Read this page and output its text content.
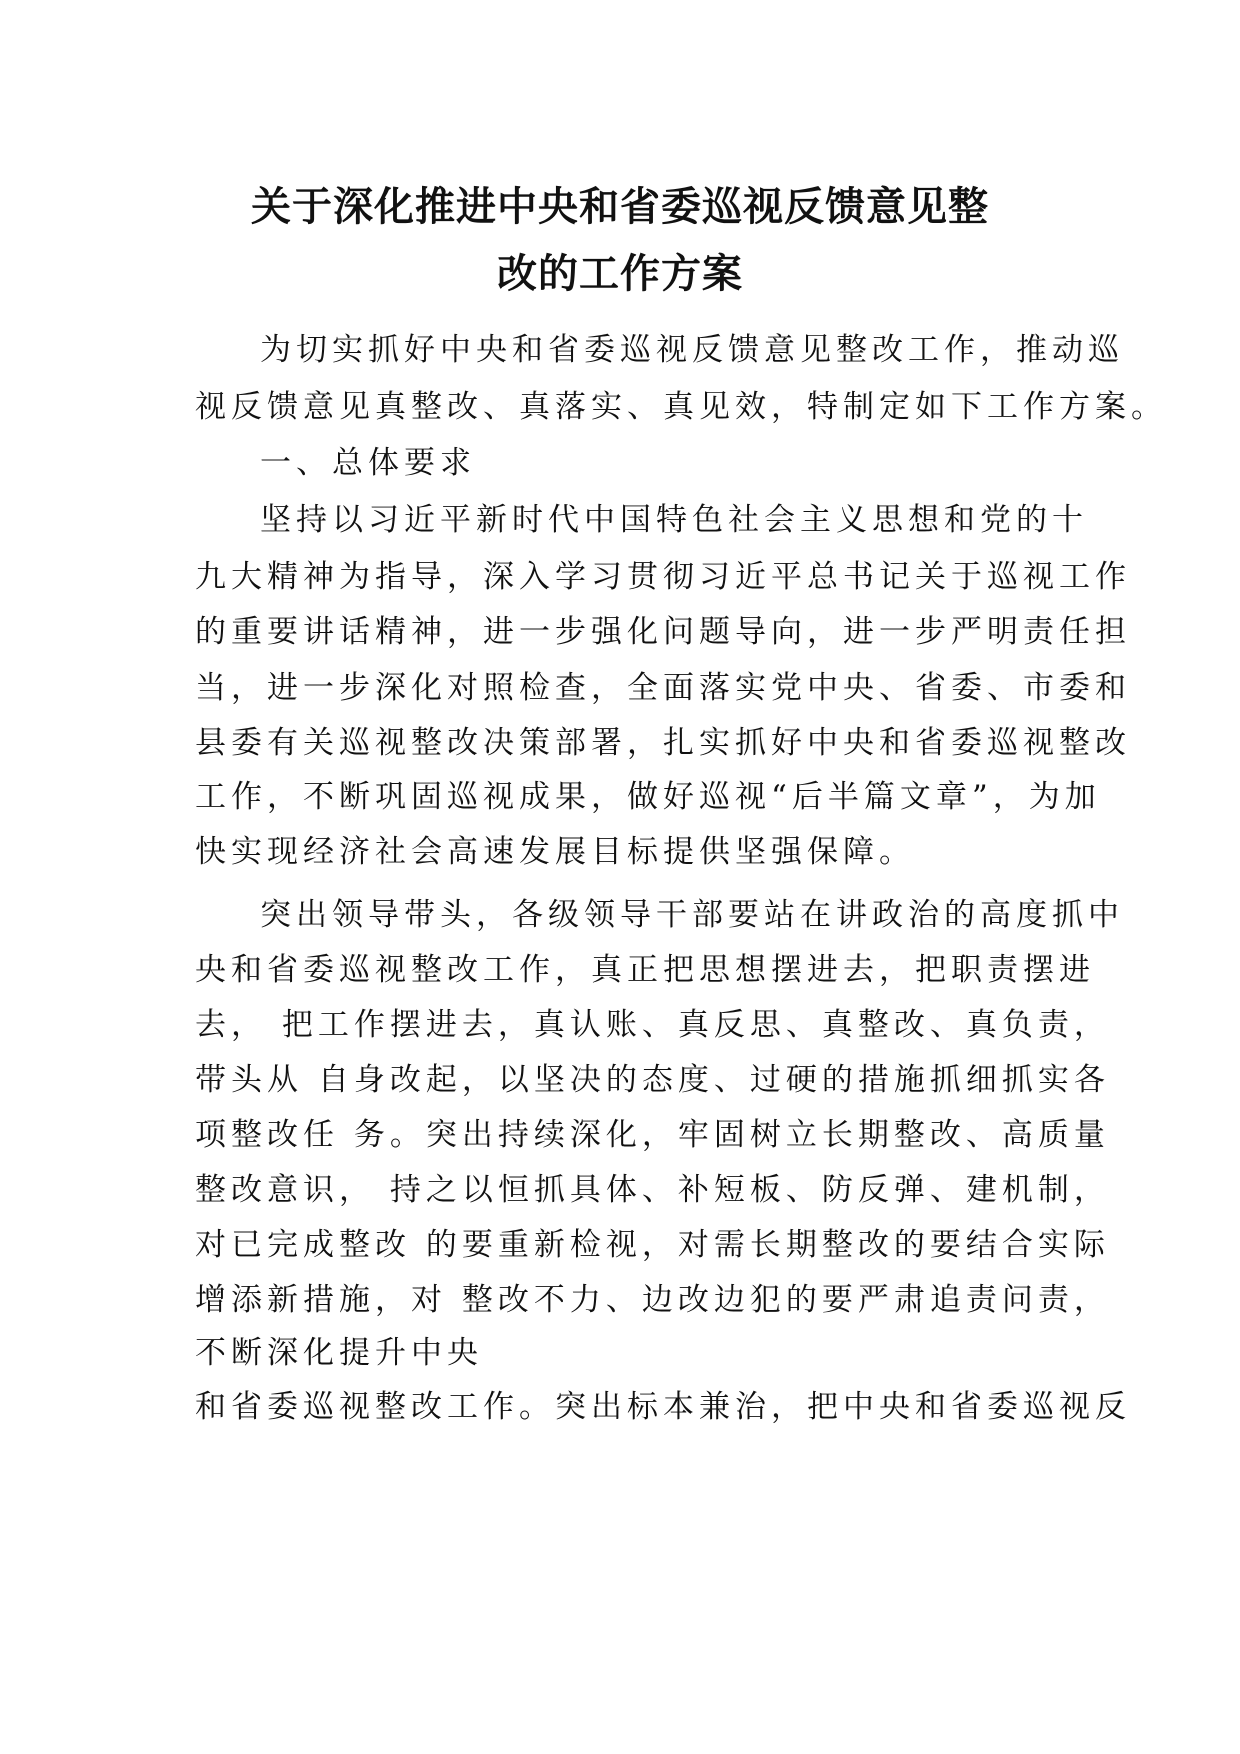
关于深化推进中央和省委巡视反馈意见整
改的工作方案

为切实抓好中央和省委巡视反馈意见整改工作，推动巡

视反馈意见真整改、真落实、真见效，特制定如下工作方案。

一、总体要求

坚持以习近平新时代中国特色社会主义思想和党的十

九大精神为指导，深入学习贯彻习近平总书记关于巡视工作

的重要讲话精神，进一步强化问题导向，进一步严明责任担

当，进一步深化对照检查，全面落实党中央、省委、市委和

县委有关巡视整改决策部署，扎实抓好中央和省委巡视整改

工作，不断巩固巡视成果，做好巡视“后半篇文章”，为加

快实现经济社会高速发展目标提供坚强保障。

突出领导带头，各级领导干部要站在讲政治的高度抓中

央和省委巡视整改工作，真正把思想摆进去，把职责摆进

去， 把工作摆进去，真认账、真反思、真整改、真负责，

带头从 自身改起，以坚决的态度、过硬的措施抓细抓实各

项整改任 务。突出持续深化，牢固树立长期整改、高质量

整改意识， 持之以恒抓具体、补短板、防反弹、建机制，

对已完成整改 的要重新检视，对需长期整改的要结合实际

增添新措施，对 整改不力、边改边犯的要严肃追责问责，

不断深化提升中央

和省委巡视整改工作。突出标本兼治，把中央和省委巡视反
